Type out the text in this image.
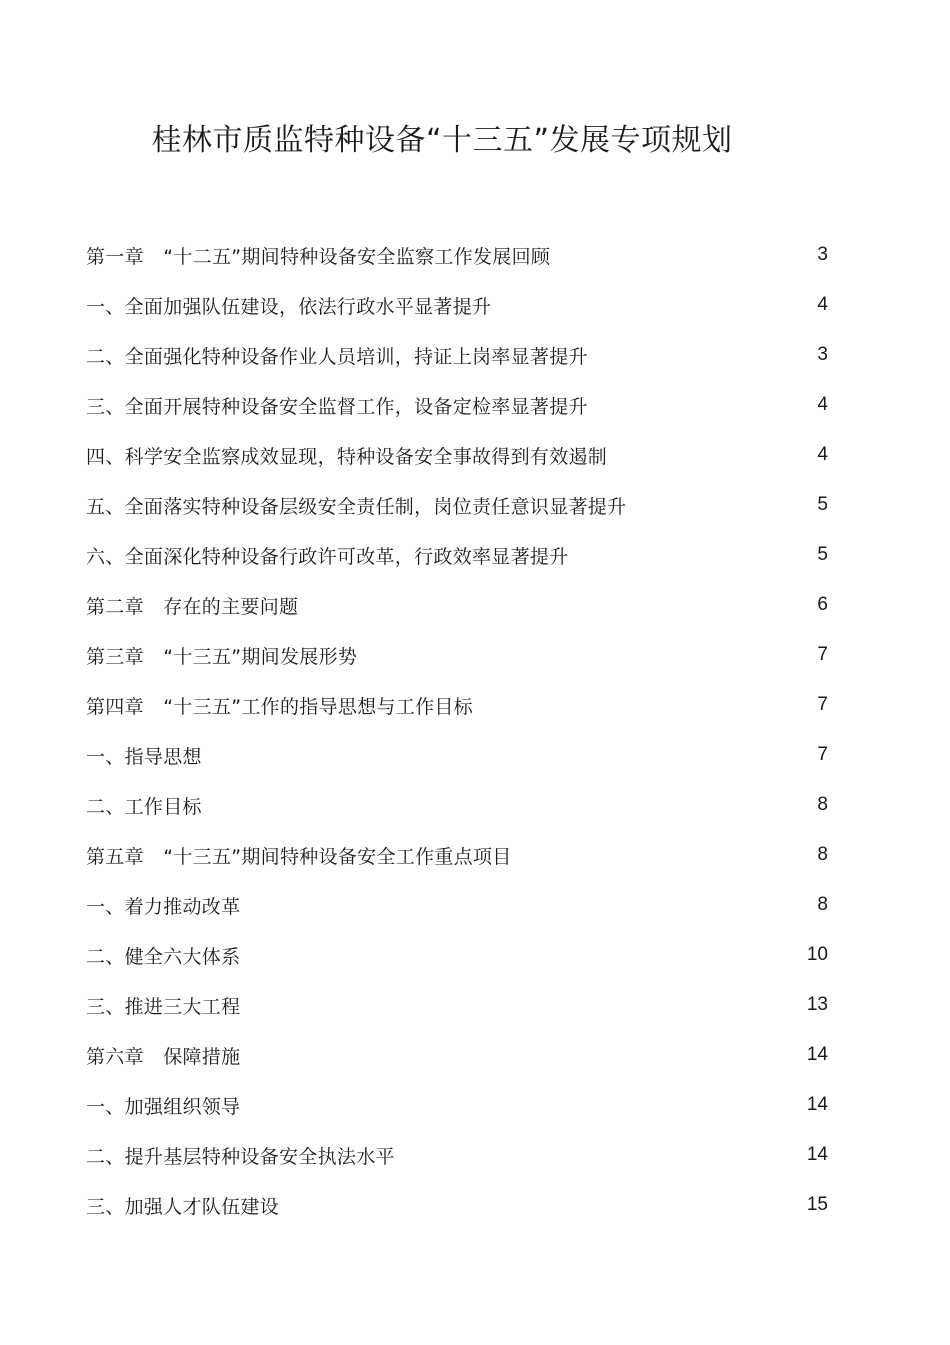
桂林市质监特种设备“十三五”发展专项规划
第一章　“十二五”期间特种设备安全监察工作发展回顾	3
一、全面加强队伍建设，依法行政水平显著提升	4
二、全面强化特种设备作业人员培训，持证上岗率显著提升	3
三、全面开展特种设备安全监督工作，设备定检率显著提升	4
四、科学安全监察成效显现，特种设备安全事故得到有效遏制	4
五、全面落实特种设备层级安全责任制，岗位责任意识显著提升	5
六、全面深化特种设备行政许可改革，行政效率显著提升	5
第二章　存在的主要问题	6
第三章　“十三五”期间发展形势	7
第四章　“十三五”工作的指导思想与工作目标	7
一、指导思想	7
二、工作目标	8
第五章　“十三五”期间特种设备安全工作重点项目	8
一、着力推动改革	8
二、健全六大体系	10
三、推进三大工程	13
第六章　保障措施	14
一、加强组织领导	14
二、提升基层特种设备安全执法水平	14
三、加强人才队伍建设	15
